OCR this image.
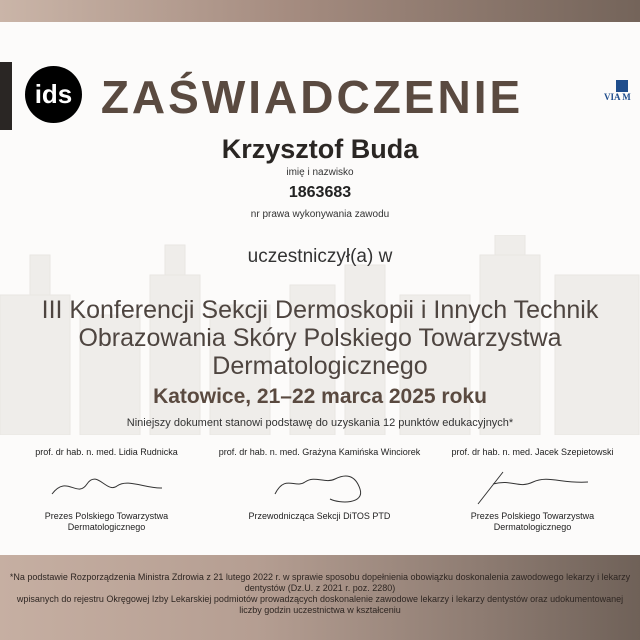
ids ZAŚWIADCZENIE	VIA M
Krzysztof Buda
imię i nazwisko
1863683
nr prawa wykonywania zawodu
uczestniczył(a) w
III Konferencji Sekcji Dermoskopii i Innych Technik
Obrazowania Skóry Polskiego Towarzystwa Dermatologicznego
Katowice, 21–22 marca 2025 roku
Niniejszy dokument stanowi podstawę do uzyskania 12 punktów edukacyjnych*
prof. dr hab. n. med. Lidia Rudnicka
Prezes Polskiego Towarzystwa
Dermatologicznego
prof. dr hab. n. med. Grażyna Kamińska Winciorek
Przewodnicząca Sekcji DiTOS PTD
prof. dr hab. n. med. Jacek Szepietowski
Prezes Polskiego Towarzystwa
Dermatologicznego
*Na podstawie Rozporządzenia Ministra Zdrowia z 21 lutego 2022 r. w sprawie sposobu dopełnienia obowiązku doskonalenia zawodowego lekarzy i lekarzy dentystów (Dz.U. z 2021 r. poz. 2280)
wpisanych do rejestru Okręgowej Izby Lekarskiej podmiotów prowadzących doskonalenie zawodowe lekarzy i lekarzy dentystów oraz udokumentowanej liczby godzin uczestnictwa w kształceniu
